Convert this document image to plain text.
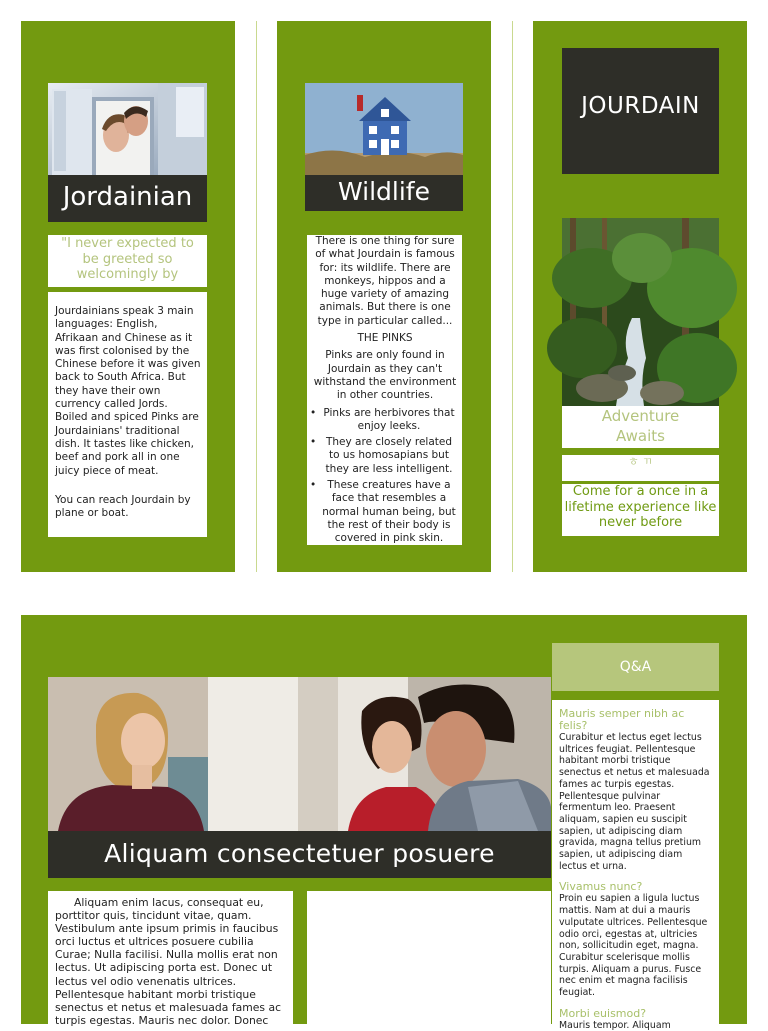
Jordainian
"I never expected to be greeted so welcomingly by

Jourdainians speak 3 main languages: English, Afrikaan and Chinese as it was first colonised by the Chinese before it was given back to South Africa. But they have their own currency called Jords.

Boiled and spiced Pinks are Jourdainians' traditional dish. It tastes like chicken, beef and pork all in one juicy piece of meat.

You can reach Jourdain by plane or boat.

Wildlife

There is one thing for sure of what Jourdain is famous for: its wildlife. There are monkeys, hippos and a huge variety of amazing animals. But there is one type in particular called...

THE PINKS

Pinks are only found in Jourdain as they can't withstand the environment in other countries.

• Pinks are herbivores that enjoy leeks.
• They are closely related to us homosapians but they are less intelligent.
• These creatures have a face that resembles a normal human being, but the rest of their body is covered in pink skin.
JOURDAIN
Adventure Awaits
ㅎ ㄲ
Come for a once in a lifetime experience like never before
Aliquam consectetuer posuere
Aliquam enim lacus, consequat eu, porttitor quis, tincidunt vitae, quam. Vestibulum ante ipsum primis in faucibus orci luctus et ultrices posuere cubilia Curae; Nulla facilisi. Nulla mollis erat non lectus. Ut adipiscing porta est. Donec ut lectus vel odio venenatis ultrices. Pellentesque habitant morbi tristique senectus et netus et malesuada fames ac turpis egestas. Mauris nec dolor. Donec
Q&A
Mauris semper nibh ac felis?
Curabitur et lectus eget lectus ultrices feugiat. Pellentesque habitant morbi tristique senectus et netus et malesuada fames ac turpis egestas. Pellentesque pulvinar fermentum leo. Praesent aliquam, sapien eu suscipit sapien, ut adipiscing diam gravida, magna tellus pretium sapien, ut adipiscing diam lectus et urna.
Vivamus nunc?
Proin eu sapien a ligula luctus mattis. Nam at dui a mauris vulputate ultrices. Pellentesque odio orci, egestas at, ultricies non, sollicitudin eget, magna. Curabitur scelerisque mollis turpis. Aliquam a purus. Fusce nec enim et magna facilisis feugiat.
Morbi euismod?
Mauris tempor. Aliquam
